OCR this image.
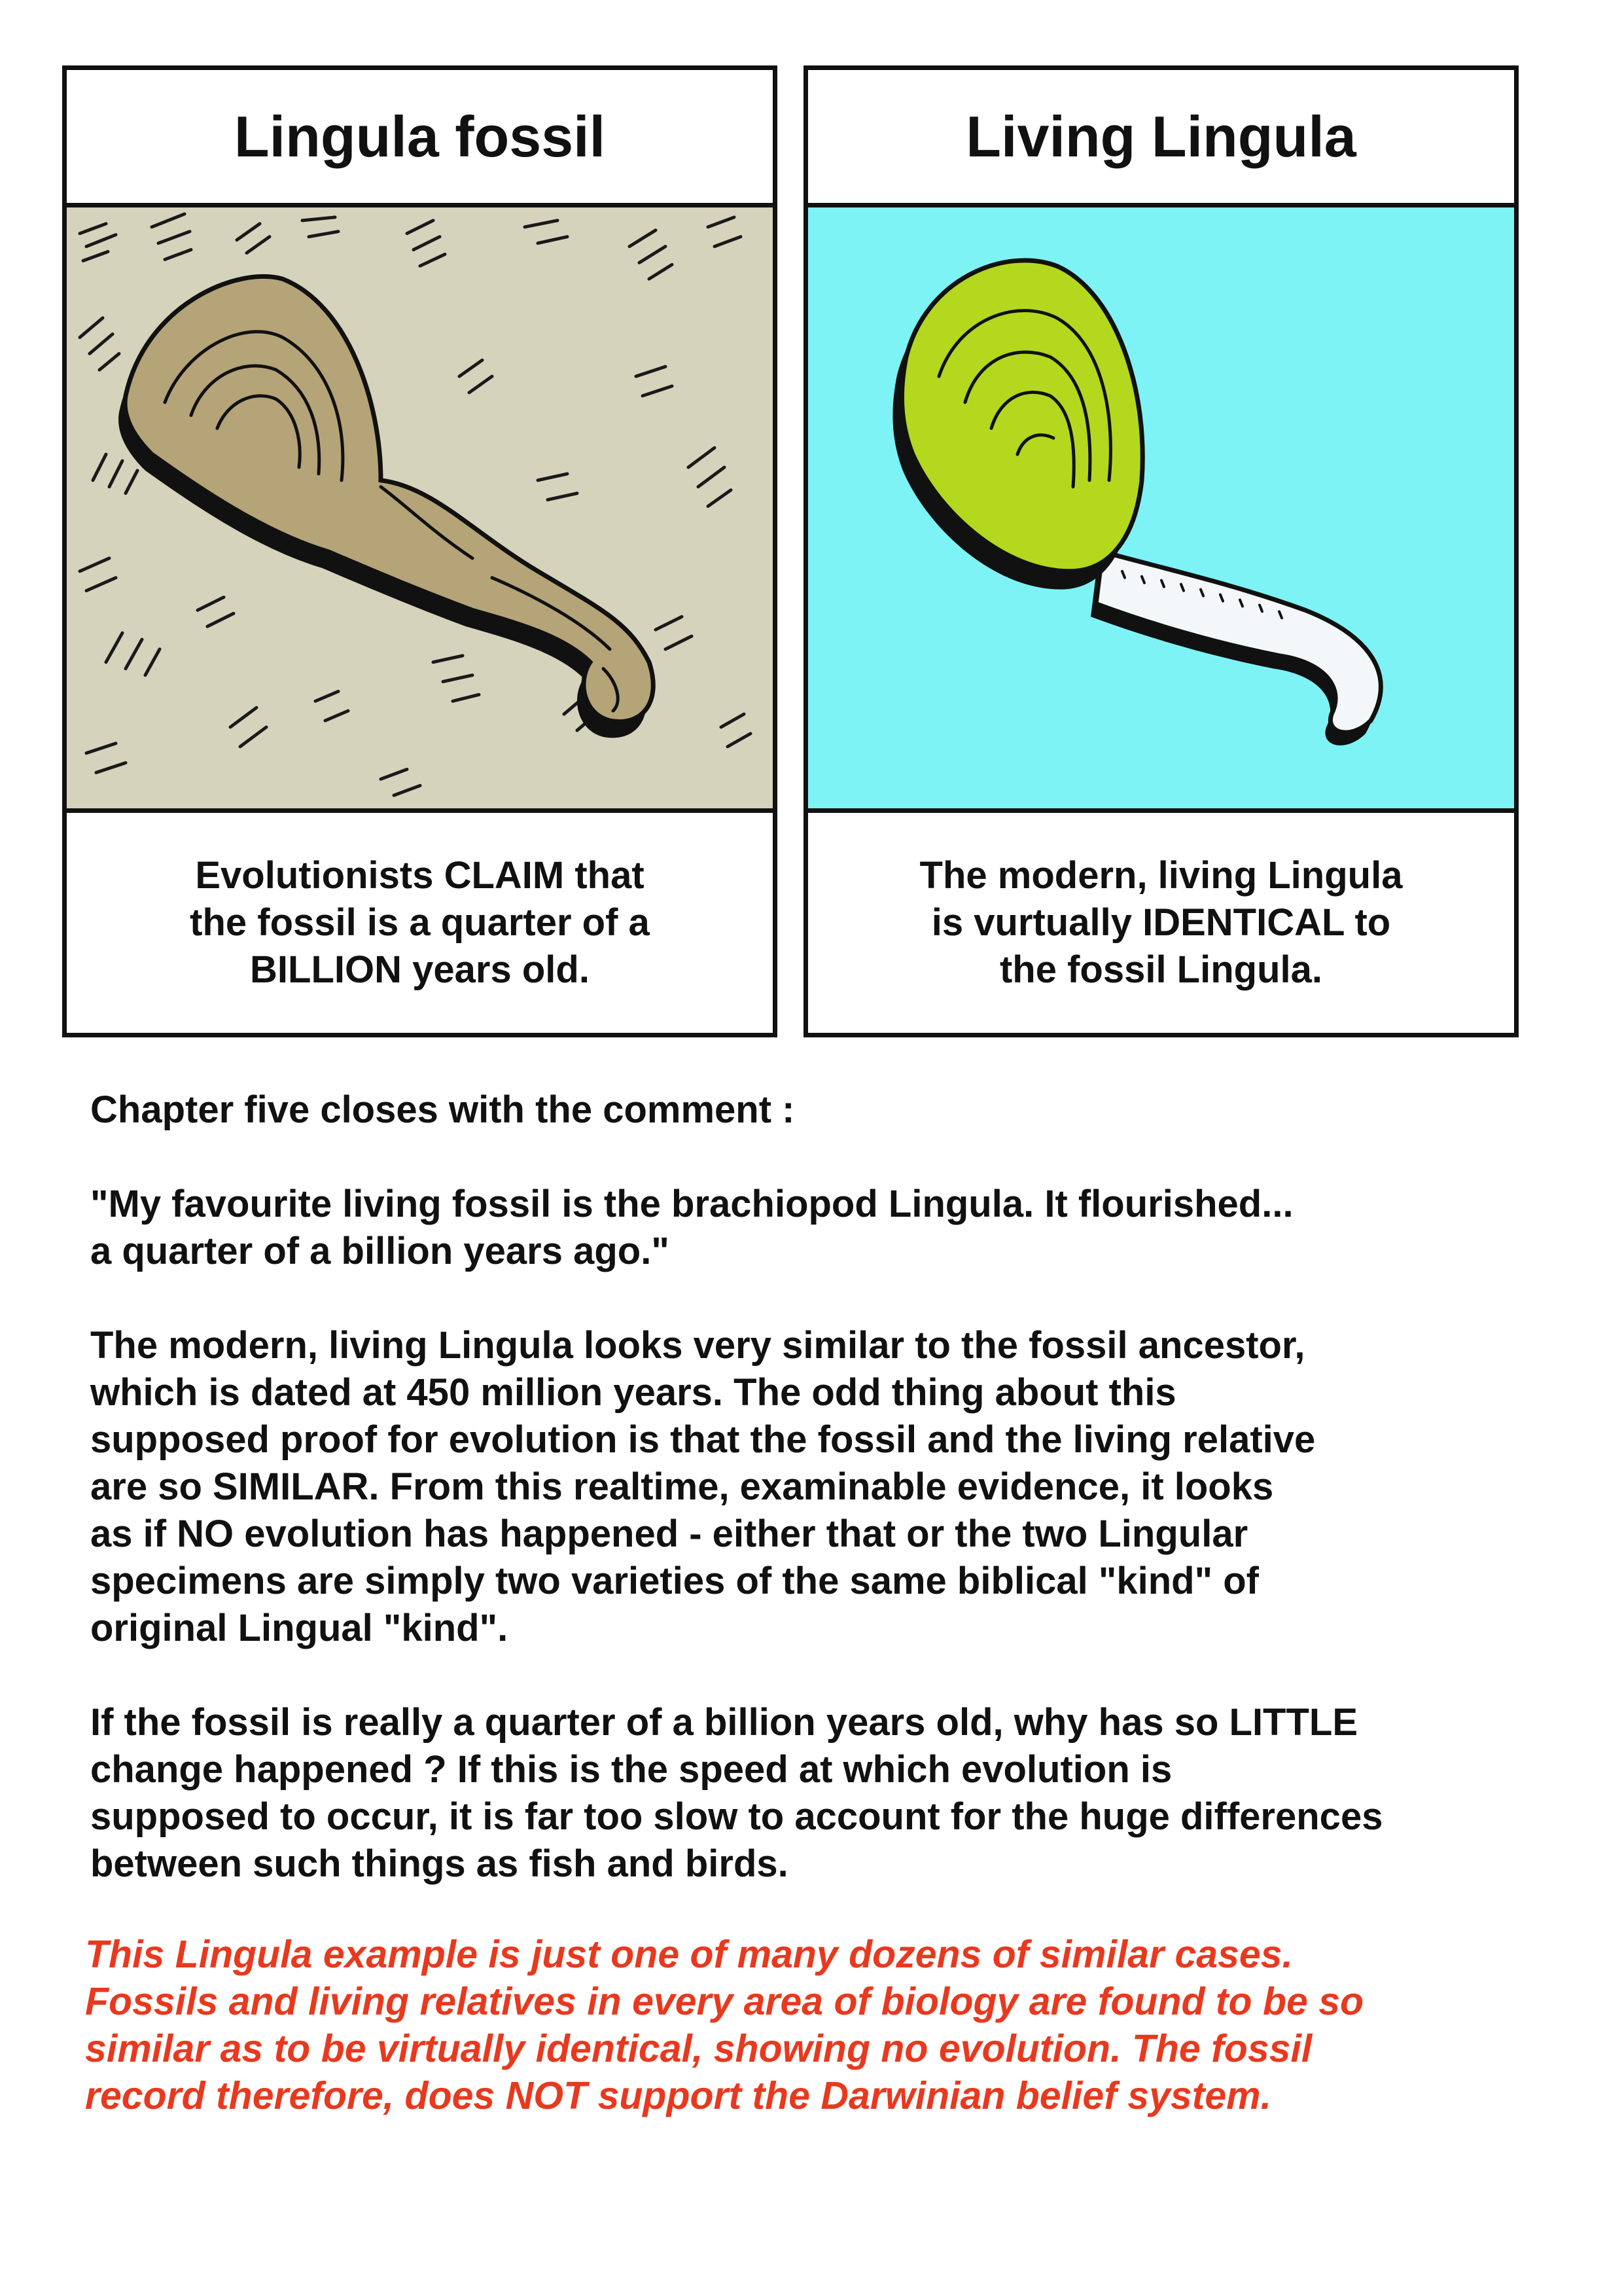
Lingula fossil
Evolutionists CLAIM that
the fossil is a quarter of a
BILLION years old.
Living Lingula
The modern, living Lingula
is vurtually IDENTICAL to
the fossil Lingula.

Chapter five closes with the comment :

"My favourite living fossil is the brachiopod Lingula. It flourished...
a quarter of a billion years ago."

The modern, living Lingula looks very similar to the fossil ancestor,
which is dated at 450 million years. The odd thing about this
supposed proof for evolution is that the fossil and the living relative
are so SIMILAR. From this realtime, examinable evidence, it looks
as if NO evolution has happened - either that or the two Lingular
specimens are simply two varieties of the same biblical "kind" of
original Lingual "kind".

If the fossil is really a quarter of a billion years old, why has so LITTLE
change happened ? If this is the speed at which evolution is
supposed to occur, it is far too slow to account for the huge differences
between such things as fish and birds.

This Lingula example is just one of many dozens of similar cases.
Fossils and living relatives in every area of biology are found to be so
similar as to be virtually identical, showing no evolution. The fossil
record therefore, does NOT support the Darwinian belief system.
